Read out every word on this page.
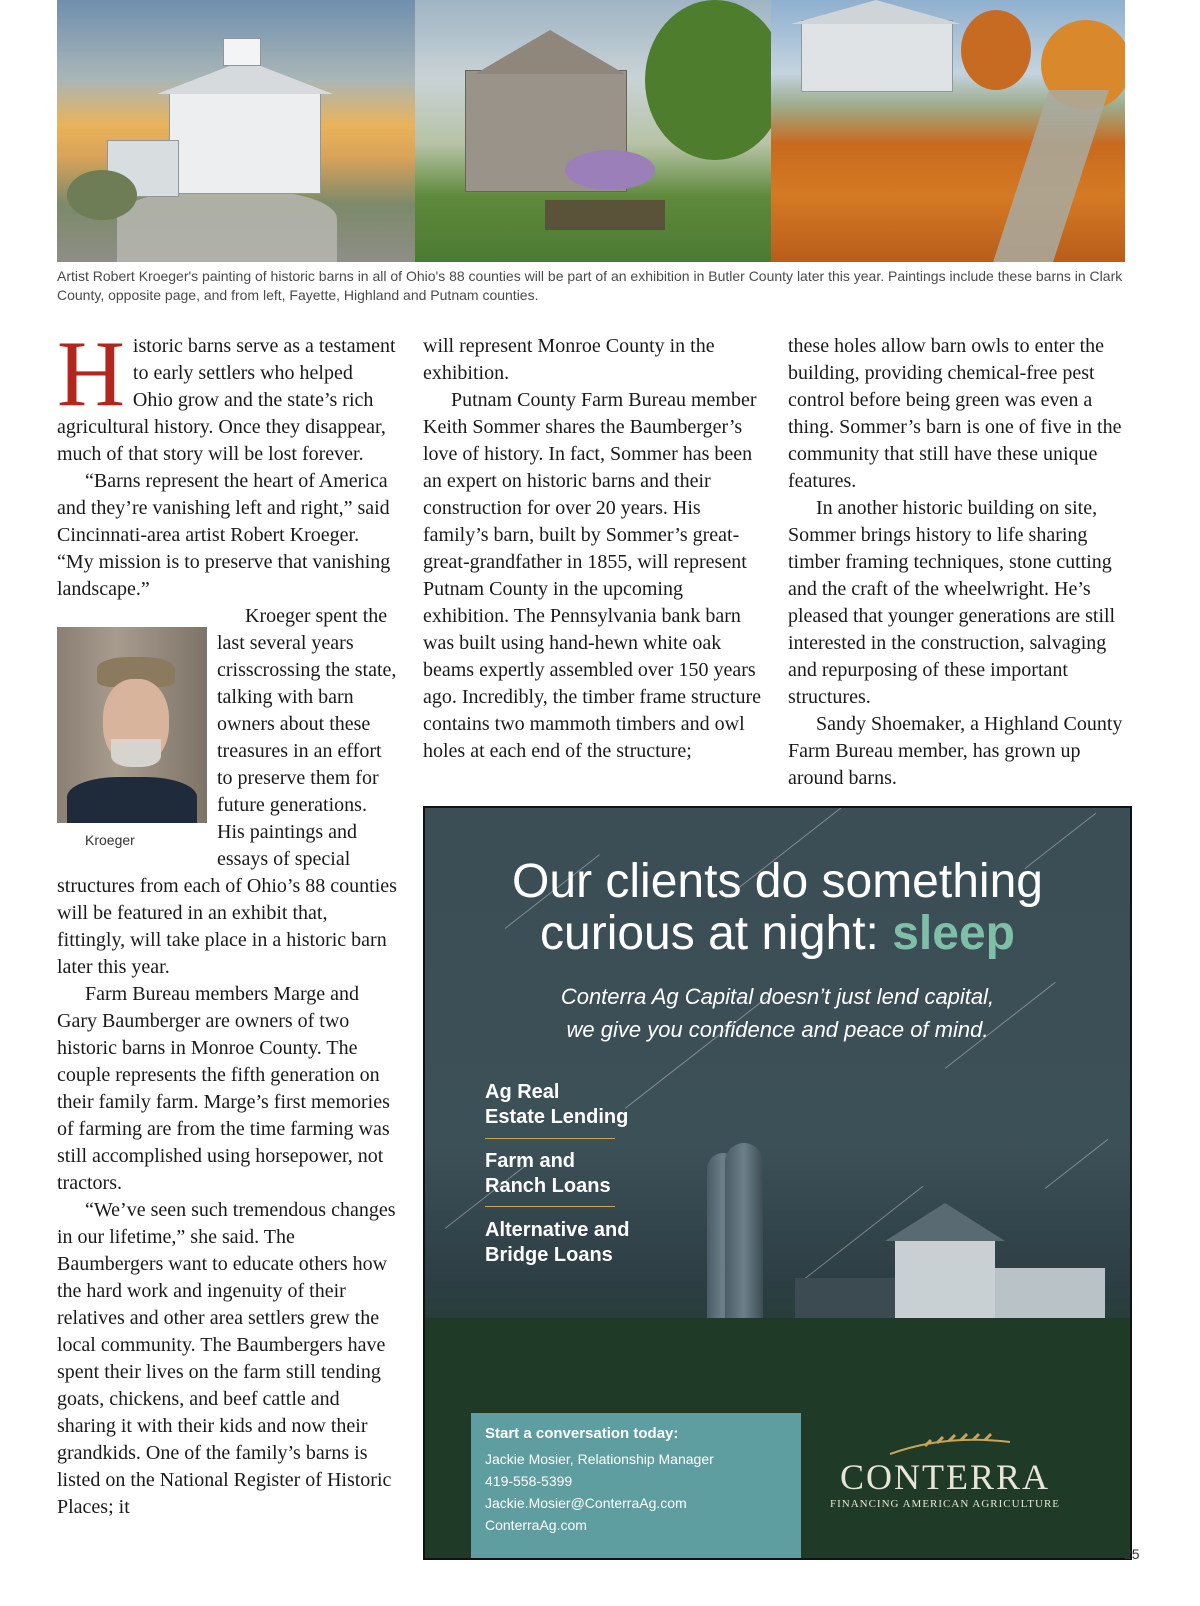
Artist Robert Kroeger's painting of historic barns in all of Ohio's 88 counties will be part of an exhibition in Butler County later this year. Paintings include these barns in Clark County, opposite page, and from left, Fayette, Highland and Putnam counties.

Historic barns serve as a testament to early settlers who helped Ohio grow and the state’s rich agricultural history. Once they disappear, much of that story will be lost forever.

“Barns represent the heart of America and they’re vanishing left and right,” said Cincinnati-area artist Robert Kroeger. “My mission is to preserve that vanishing landscape.”

Kroeger
Kroeger spent the last several years crisscrossing the state, talking with barn owners about these treasures in an effort to preserve them for future generations. His paintings and essays of special structures from each of Ohio’s 88 counties will be featured in an exhibit that, fittingly, will take place in a historic barn later this year.

Farm Bureau members Marge and Gary Baumberger are owners of two historic barns in Monroe County. The couple represents the fifth generation on their family farm. Marge’s first memories of farming are from the time farming was still accomplished using horsepower, not tractors.

“We’ve seen such tremendous changes in our lifetime,” she said. The Baumbergers want to educate others how the hard work and ingenuity of their relatives and other area settlers grew the local community. The Baumbergers have spent their lives on the farm still tending goats, chickens, and beef cattle and sharing it with their kids and now their grandkids. One of the family’s barns is listed on the National Register of Historic Places; it

will represent Monroe County in the exhibition.

Putnam County Farm Bureau member Keith Sommer shares the Baumberger’s love of history. In fact, Sommer has been an expert on historic barns and their construction for over 20 years. His family’s barn, built by Sommer’s great-great-grandfather in 1855, will represent Putnam County in the upcoming exhibition. The Pennsylvania bank barn was built using hand-hewn white oak beams expertly assembled over 150 years ago. Incredibly, the timber frame structure contains two mammoth timbers and owl holes at each end of the structure;

these holes allow barn owls to enter the building, providing chemical-free pest control before being green was even a thing. Sommer’s barn is one of five in the community that still have these unique features.

In another historic building on site, Sommer brings history to life sharing timber framing techniques, stone cutting and the craft of the wheelwright. He’s pleased that younger generations are still interested in the construction, salvaging and repurposing of these important structures.

Sandy Shoemaker, a Highland County Farm Bureau member, has grown up around barns.

Our clients do something
curious at night: sleep
Conterra Ag Capital doesn’t just lend capital,
we give you confidence and peace of mind.
Ag Real
Estate Lending
Farm and
Ranch Loans
Alternative and
Bridge Loans
Start a conversation today:
Jackie Mosier, Relationship Manager
419-558-5399
Jackie.Mosier@ConterraAg.com
ConterraAg.com
CONTERRA
FINANCING AMERICAN AGRICULTURE
25
